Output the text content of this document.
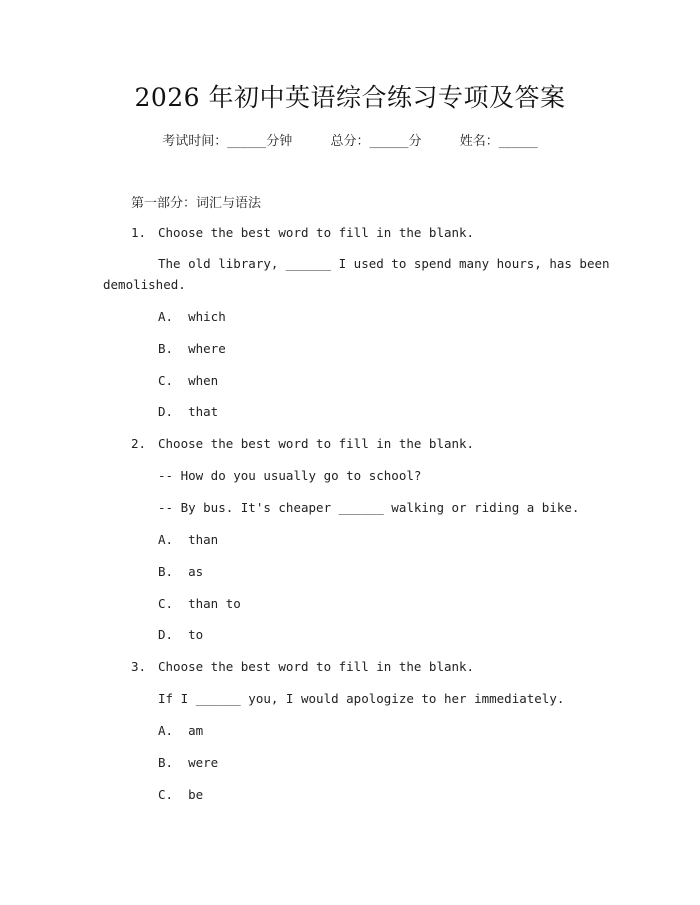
2026 年初中英语综合练习专项及答案
考试时间：______分钟	总分：______分	姓名：______
第一部分：词汇与语法
1. Choose the best word to fill in the blank.
The old library, ______ I used to spend many hours, has been
demolished.
A.  which
B.  where
C.  when
D.  that
2. Choose the best word to fill in the blank.
-- How do you usually go to school?
-- By bus. It's cheaper ______ walking or riding a bike.
A.  than
B.  as
C.  than to
D.  to
3. Choose the best word to fill in the blank.
If I ______ you, I would apologize to her immediately.
A.  am
B.  were
C.  be
